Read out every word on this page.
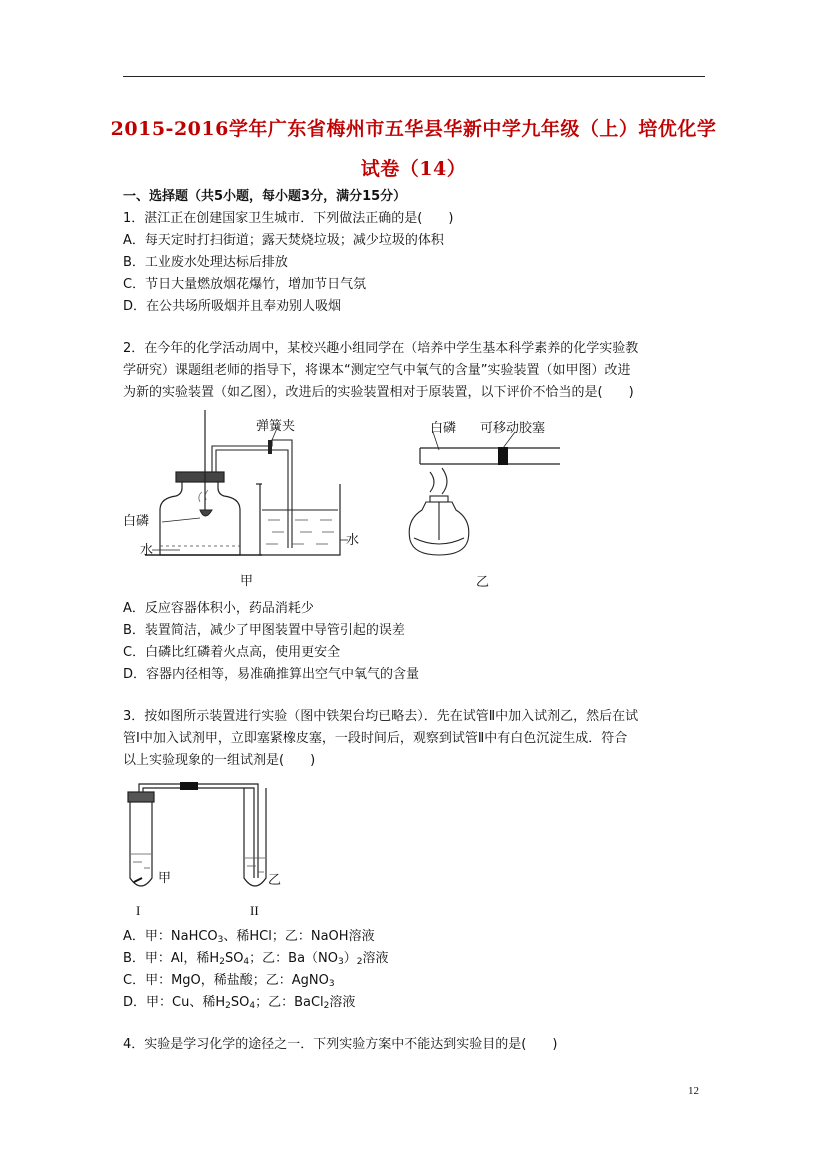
2015-2016学年广东省梅州市五华县华新中学九年级（上）培优化学
试卷（14）
一、选择题（共5小题，每小题3分，满分15分）
1．湛江正在创建国家卫生城市．下列做法正确的是(　　)
A．每天定时打扫街道；露天焚烧垃圾；减少垃圾的体积
B．工业废水处理达标后排放
C．节日大量燃放烟花爆竹，增加节日气氛
D．在公共场所吸烟并且奉劝别人吸烟
2．在今年的化学活动周中，某校兴趣小组同学在（培养中学生基本科学素养的化学实验教
学研究）课题组老师的指导下，将课本“测定空气中氧气的含量”实验装置（如甲图）改进
为新的实验装置（如乙图），改进后的实验装置相对于原装置，以下评价不恰当的是(　　)
弹簧夹
白磷
水
水
甲
白磷 可移动胶塞
乙
A．反应容器体积小，药品消耗少
B．装置简洁，减少了甲图装置中导管引起的误差
C．白磷比红磷着火点高，使用更安全
D．容器内径相等，易准确推算出空气中氧气的含量
3．按如图所示装置进行实验（图中铁架台均已略去）．先在试管Ⅱ中加入试剂乙，然后在试
管Ⅰ中加入试剂甲，立即塞紧橡皮塞，一段时间后，观察到试管Ⅱ中有白色沉淀生成．符合
以上实验现象的一组试剂是(　　)
甲	乙
I	II
A．甲：NaHCO$_3$、稀HCl；乙：NaOH溶液
B．甲：Al，稀$H_2SO_4$；乙：$Ba(NO_3)_2$溶液
C．甲：MgO，稀盐酸；乙：AgNO$_3$
D．甲：Cu、稀$H_2SO_4$；乙：BaCl$_2$溶液
4．实验是学习化学的途径之一．下列实验方案中不能达到实验目的是(　　)
12
